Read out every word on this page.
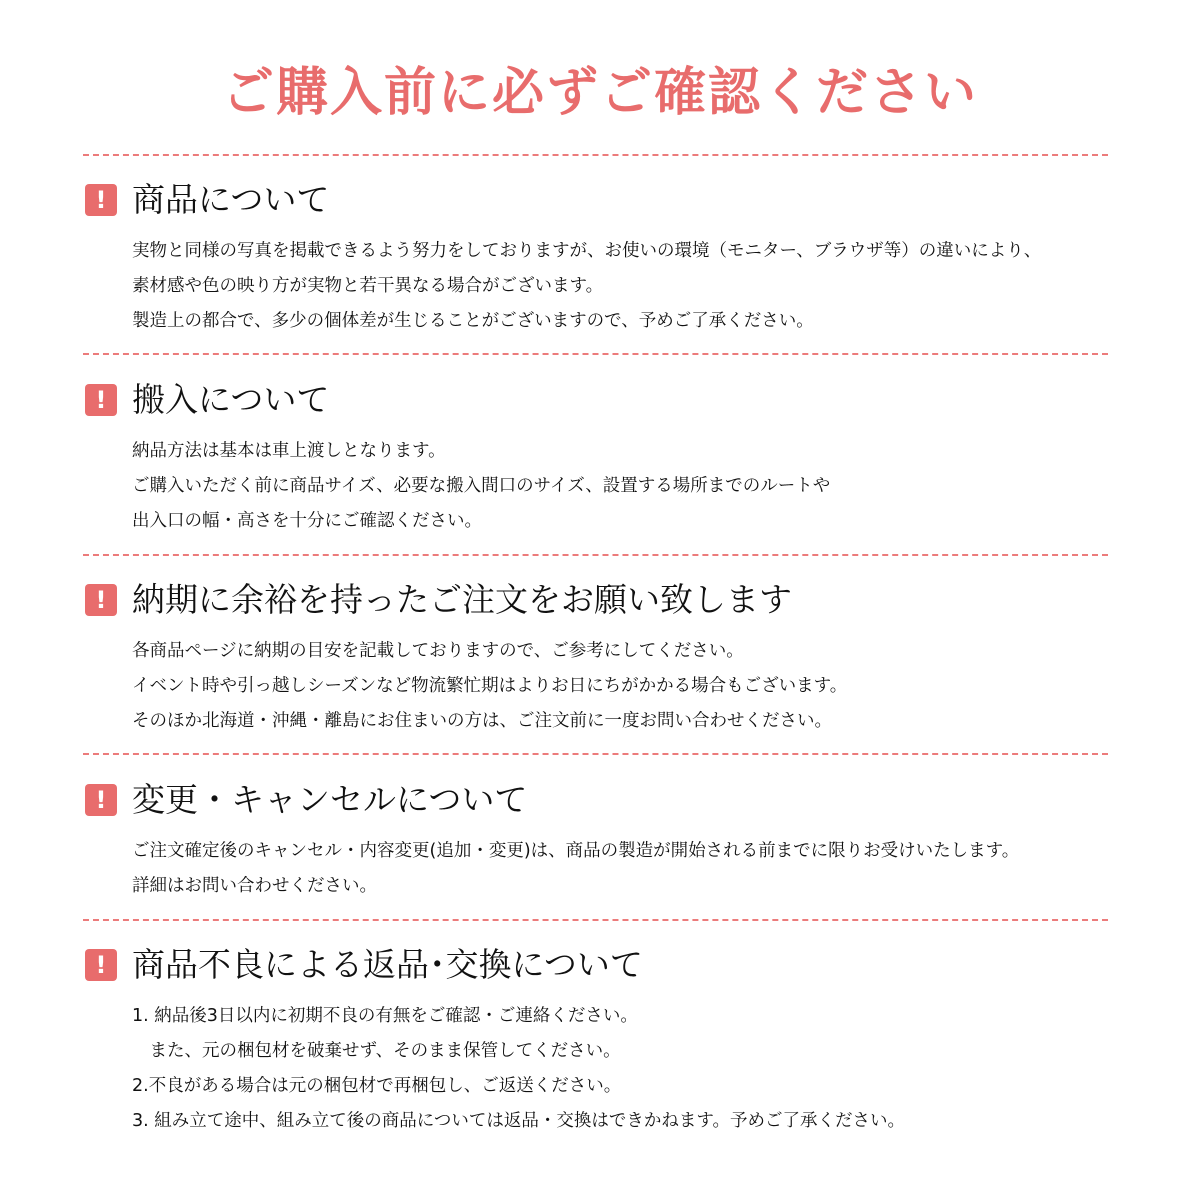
ご購入前に必ずご確認ください
! 商品について
実物と同様の写真を掲載できるよう努力をしておりますが、お使いの環境（モニター、ブラウザ等）の違いにより、
素材感や色の映り方が実物と若干異なる場合がございます。
製造上の都合で、多少の個体差が生じることがございますので、予めご了承ください。
! 搬入について
納品方法は基本は車上渡しとなります。
ご購入いただく前に商品サイズ、必要な搬入間口のサイズ、設置する場所までのルートや
出入口の幅・高さを十分にご確認ください。
! 納期に余裕を持ったご注文をお願い致します
各商品ページに納期の目安を記載しておりますので、ご参考にしてください。
イベント時や引っ越しシーズンなど物流繁忙期はよりお日にちがかかる場合もございます。
そのほか北海道・沖縄・離島にお住まいの方は、ご注文前に一度お問い合わせください。
! 変更・キャンセルについて
ご注文確定後のキャンセル・内容変更(追加・変更)は、商品の製造が開始される前までに限りお受けいたします。
詳細はお問い合わせください。
! 商品不良による返品･交換について
1. 納品後3日以内に初期不良の有無をご確認・ご連絡ください。
　また、元の梱包材を破棄せず、そのまま保管してください。
2.不良がある場合は元の梱包材で再梱包し、ご返送ください。
3. 組み立て途中、組み立て後の商品については返品・交換はできかねます。予めご了承ください。
